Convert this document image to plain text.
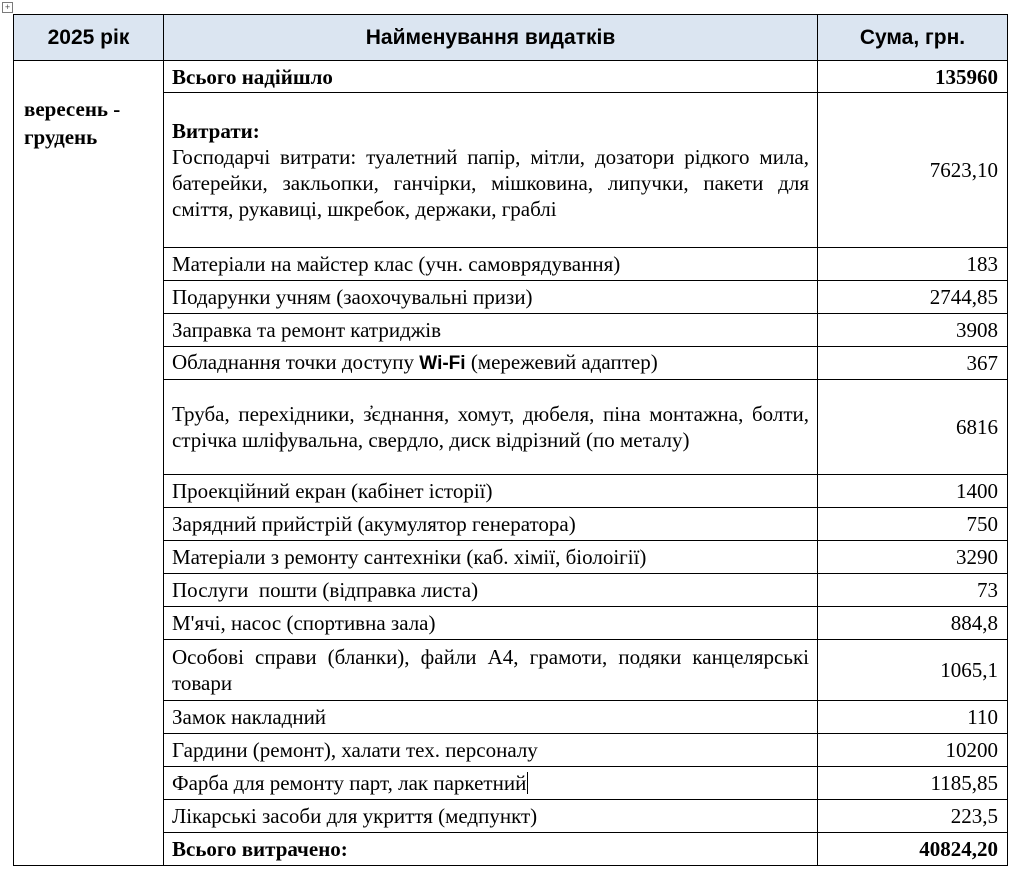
+
2025 рік	Найменування видатків	Сума, грн.
вересень - грудень	Всього надійшло	135960

	Витрати:
Господарчі витрати: туалетний папір, мітли, дозатори рідкого мила, батерейки, закльопки, ганчірки, мішковина, липучки, пакети для сміття, рукавиці, шкребок, держаки, граблі	7623,10
	Матеріали на майстер клас (учн. самоврядування)	183
	Подарунки учням (заохочувальні призи)	2744,85
	Заправка та ремонт катриджів	3908
	Обладнання точки доступу Wi-Fi (мережевий адаптер)	367
	Труба, перехідники, з̓єднання, хомут, дюбеля, піна монтажна, болти, стрічка шліфувальна, свердло, диск відрізний (по металу)	6816
	Проекційний екран (кабінет історії)	1400
	Зарядний прийстрій (акумулятор генератора)	750
	Матеріали з ремонту сантехніки (каб. хімії, біолоігії)	3290
	Послуги  пошти (відправка листа)	73
	М'ячі, насос (спортивна зала)	884,8
	Особові справи (бланки), файли А4, грамоти, подяки канцелярські товари	1065,1
	Замок накладний	110
	Гардини (ремонт), халати тех. персоналу	10200
	Фарба для ремонту парт, лак паркетний	1185,85
	Лікарські засоби для укриття (медпункт)	223,5
	Всього витрачено:	40824,20
